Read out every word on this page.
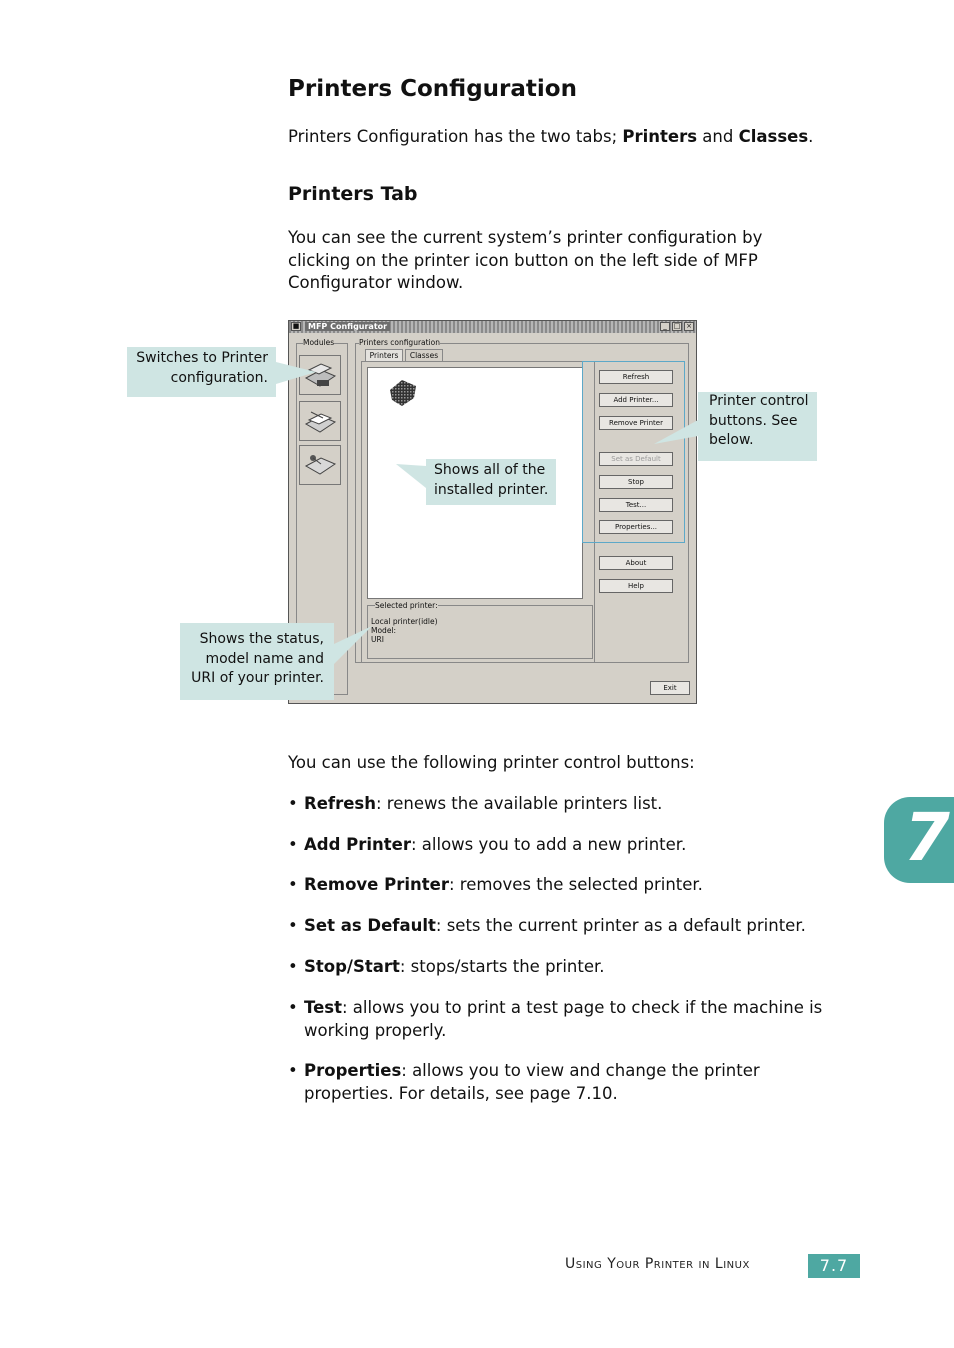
Printers Configuration

Printers Configuration has the two tabs; Printers and Classes.

Printers Tab
You can see the current system’s printer configuration by
clicking on the printer icon button on the left side of MFP
Configurator window.
MFP Configurator
■	_ □ ×
Modules	Printers configuration
Printers	Classes
Selected printer:
Local printer(idle)
Model:
URI
Refresh
Add Printer...
Remove Printer
Set as Default
Stop
Test...
Properties...
About
Help
Exit
Switches to Printer
configuration.
Printer control
buttons. See
below.
Shows all of the
installed printer.
Shows the status,
model name and
URI of your printer.

You can use the following printer control buttons:

• Refresh: renews the available printers list.
• Add Printer: allows you to add a new printer.
• Remove Printer: removes the selected printer.
• Set as Default: sets the current printer as a default printer.
• Stop/Start: stops/starts the printer.
• Test: allows you to print a test page to check if the machine is working properly.
• Properties: allows you to view and change the printer properties. For details, see page 7.10.
7
Using Your Printer in Linux	7.7
